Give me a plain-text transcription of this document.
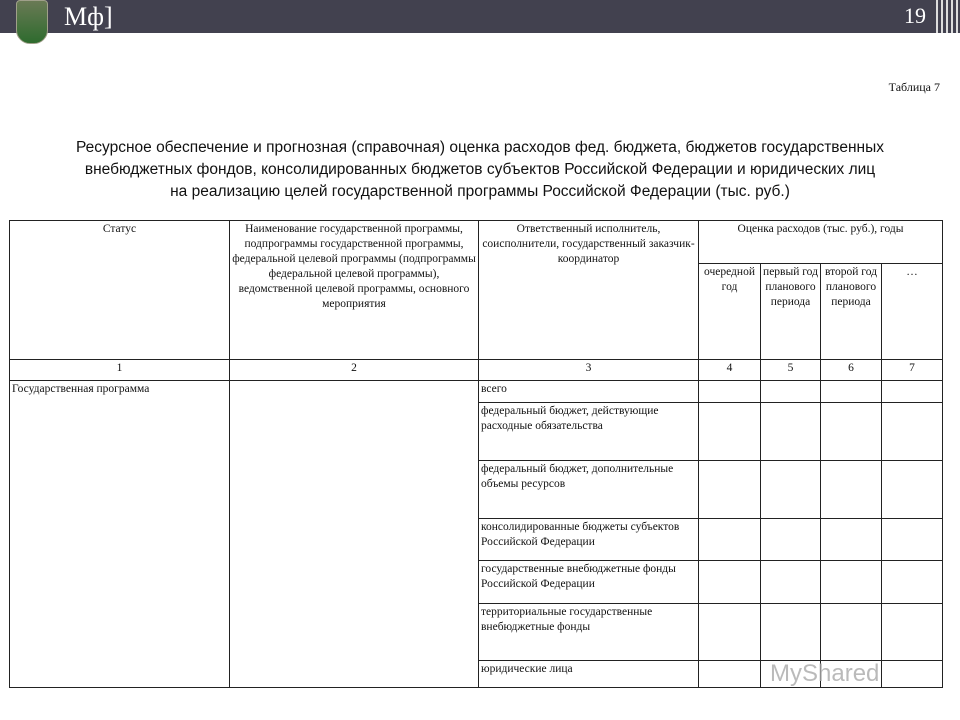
Мф]	19
Таблица 7
Ресурсное обеспечение и прогнозная (справочная) оценка расходов фед. бюджета, бюджетов государственных
внебюджетных фондов, консолидированных бюджетов субъектов Российской Федерации и юридических лиц
на реализацию целей государственной программы Российской Федерации (тыс. руб.)
Статус	Наименование государственной программы, подпрограммы государственной программы, федеральной целевой программы (подпрограммы федеральной целевой программы), ведомственной целевой программы, основного мероприятия	Ответственный исполнитель, соисполнители, государственный заказчик-координатор	Оценка расходов (тыс. руб.), годы			
			очередной год	первый год планового периода	второй год планового периода	…
1	2	3	4	5	6	7
Государственная программа		всего				
		федеральный бюджет, действующие расходные обязательства				
		федеральный бюджет, дополнительные объемы ресурсов				
		консолидированные бюджеты субъектов Российской Федерации				
		государственные внебюджетные фонды Российской Федерации				
		территориальные государственные внебюджетные фонды				
		юридические лица					MyShared
